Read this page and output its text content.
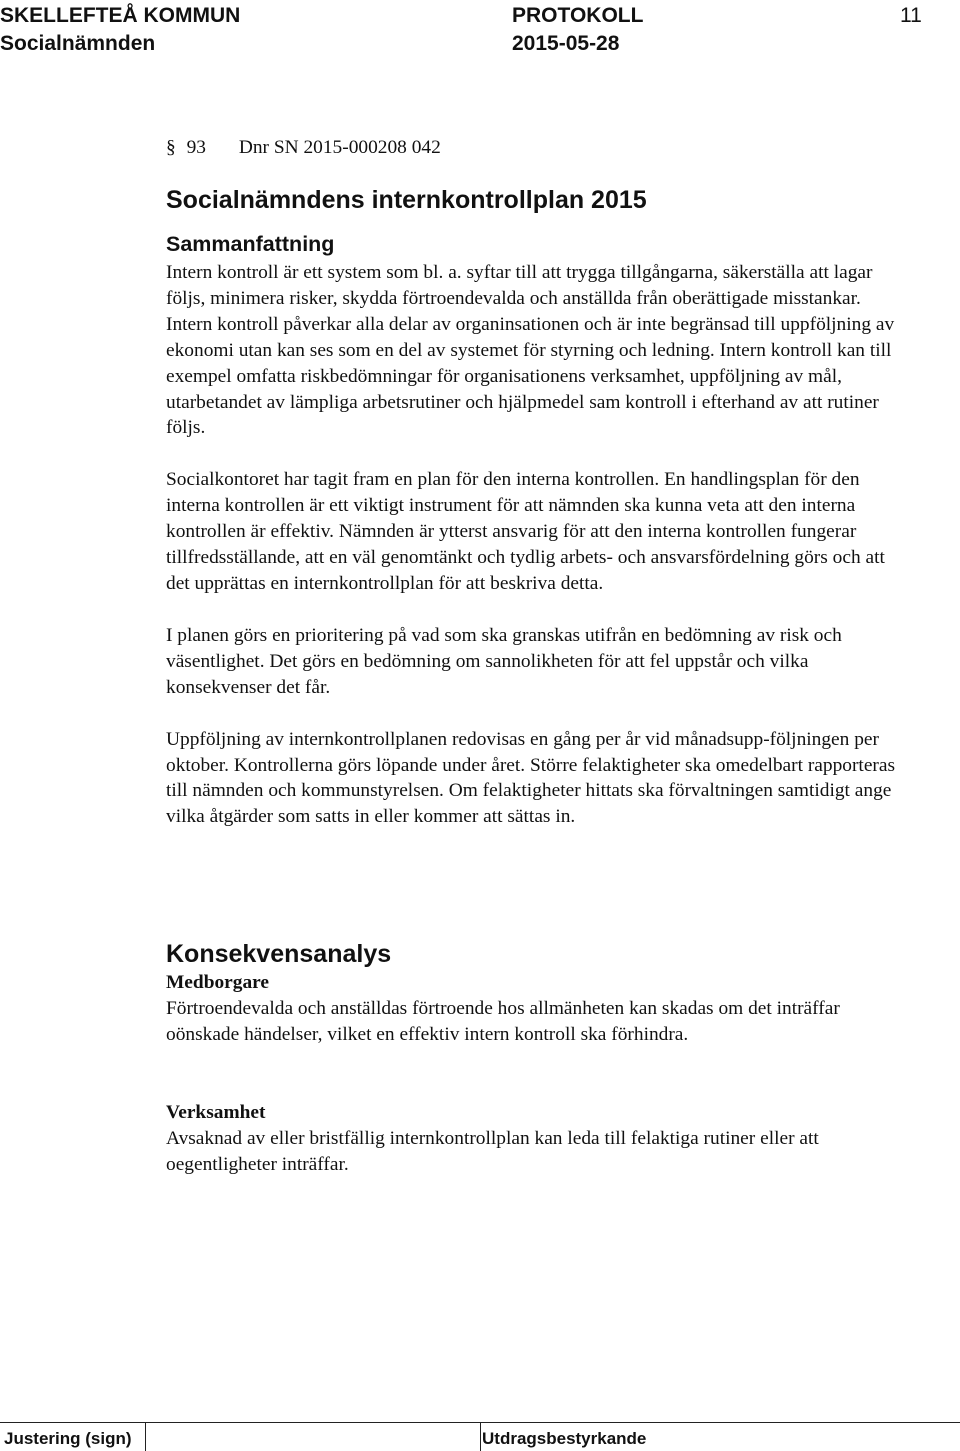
SKELLEFTEÅ KOMMUN
Socialnämnden
PROTOKOLL
2015-05-28
11
§ 93 Dnr SN 2015-000208 042
Socialnämndens internkontrollplan 2015
Sammanfattning

Intern kontroll är ett system som bl. a. syftar till att trygga tillgångarna, säkerställa att lagar följs, minimera risker, skydda förtroendevalda och anställda från oberättigade misstankar. Intern kontroll påverkar alla delar av organinsationen och är inte begränsad till uppföljning av ekonomi utan kan ses som en del av systemet för styrning och ledning. Intern kontroll kan till exempel omfatta riskbedömningar för organisationens verksamhet, uppföljning av mål, utarbetandet av lämpliga arbetsrutiner och hjälpmedel sam kontroll i efterhand av att rutiner följs.

Socialkontoret har tagit fram en plan för den interna kontrollen. En handlingsplan för den interna kontrollen är ett viktigt instrument för att nämnden ska kunna veta att den interna kontrollen är effektiv. Nämnden är ytterst ansvarig för att den interna kontrollen fungerar tillfredsställande, att en väl genomtänkt och tydlig arbets- och ansvarsfördelning görs och att det upprättas en internkontrollplan för att beskriva detta.

I planen görs en prioritering på vad som ska granskas utifrån en bedömning av risk och väsentlighet. Det görs en bedömning om sannolikheten för att fel uppstår och vilka konsekvenser det får.

Uppföljning av internkontrollplanen redovisas en gång per år vid månadsupp-följningen per oktober. Kontrollerna görs löpande under året. Större felaktigheter ska omedelbart rapporteras till nämnden och kommunstyrelsen. Om felaktigheter hittats ska förvaltningen samtidigt ange vilka åtgärder som satts in eller kommer att sättas in.

Konsekvensanalys
Medborgare

Förtroendevalda och anställdas förtroende hos allmänheten kan skadas om det inträffar oönskade händelser, vilket en effektiv intern kontroll ska förhindra.

Verksamhet

Avsaknad av eller bristfällig internkontrollplan kan leda till felaktiga rutiner eller att oegentligheter inträffar.

Justering (sign)	Utdragsbestyrkande
